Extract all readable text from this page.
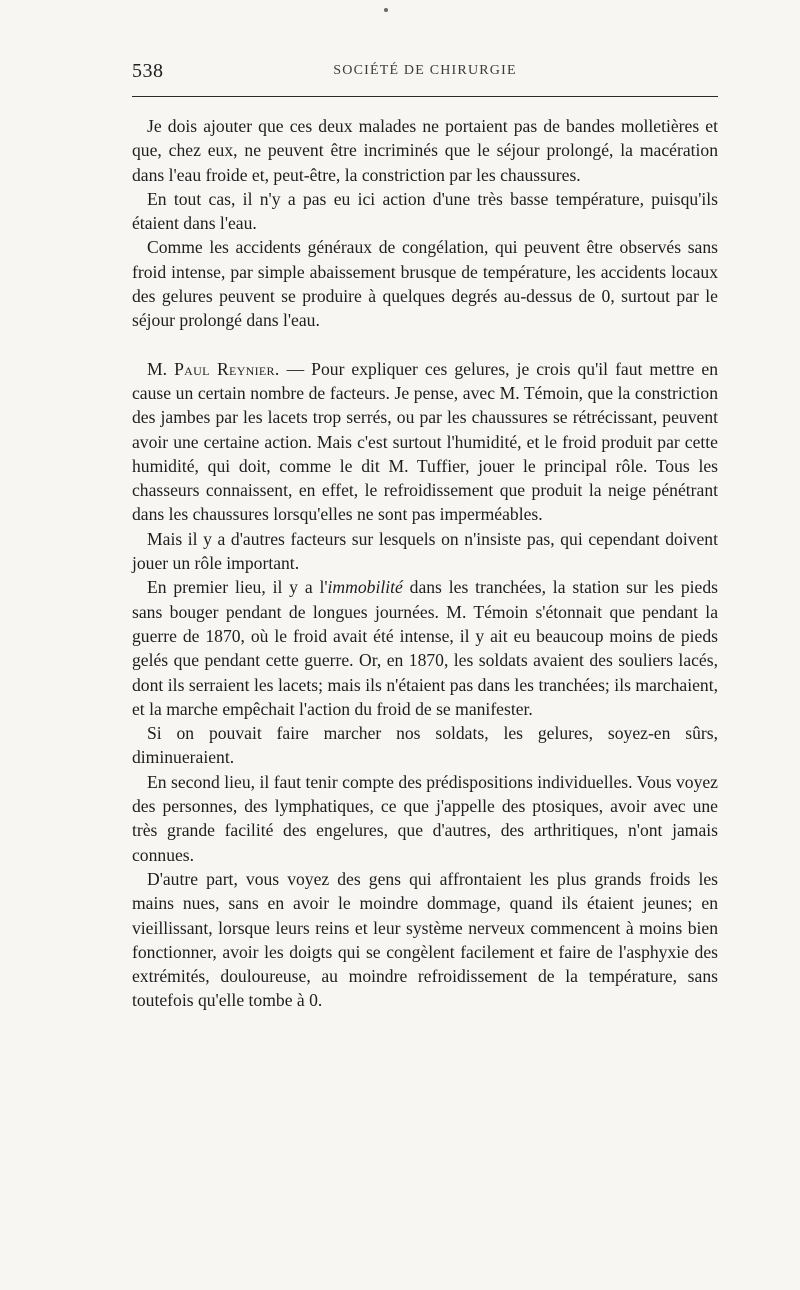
538	SOCIÉTÉ DE CHIRURGIE

Je dois ajouter que ces deux malades ne portaient pas de bandes molletières et que, chez eux, ne peuvent être incriminés que le séjour prolongé, la macération dans l'eau froide et, peut-être, la constriction par les chaussures.

En tout cas, il n'y a pas eu ici action d'une très basse température, puisqu'ils étaient dans l'eau.

Comme les accidents généraux de congélation, qui peuvent être observés sans froid intense, par simple abaissement brusque de température, les accidents locaux des gelures peuvent se produire à quelques degrés au-dessus de 0, surtout par le séjour prolongé dans l'eau.

M. Paul Reynier. — Pour expliquer ces gelures, je crois qu'il faut mettre en cause un certain nombre de facteurs. Je pense, avec M. Témoin, que la constriction des jambes par les lacets trop serrés, ou par les chaussures se rétrécissant, peuvent avoir une certaine action. Mais c'est surtout l'humidité, et le froid produit par cette humidité, qui doit, comme le dit M. Tuffier, jouer le principal rôle. Tous les chasseurs connaissent, en effet, le refroidissement que produit la neige pénétrant dans les chaussures lorsqu'elles ne sont pas imperméables.

Mais il y a d'autres facteurs sur lesquels on n'insiste pas, qui cependant doivent jouer un rôle important.

En premier lieu, il y a l'immobilité dans les tranchées, la station sur les pieds sans bouger pendant de longues journées. M. Témoin s'étonnait que pendant la guerre de 1870, où le froid avait été intense, il y ait eu beaucoup moins de pieds gelés que pendant cette guerre. Or, en 1870, les soldats avaient des souliers lacés, dont ils serraient les lacets; mais ils n'étaient pas dans les tranchées; ils marchaient, et la marche empêchait l'action du froid de se manifester.

Si on pouvait faire marcher nos soldats, les gelures, soyez-en sûrs, diminueraient.

En second lieu, il faut tenir compte des prédispositions individuelles. Vous voyez des personnes, des lymphatiques, ce que j'appelle des ptosiques, avoir avec une très grande facilité des engelures, que d'autres, des arthritiques, n'ont jamais connues.

D'autre part, vous voyez des gens qui affrontaient les plus grands froids les mains nues, sans en avoir le moindre dommage, quand ils étaient jeunes; en vieillissant, lorsque leurs reins et leur système nerveux commencent à moins bien fonctionner, avoir les doigts qui se congèlent facilement et faire de l'asphyxie des extrémités, douloureuse, au moindre refroidissement de la température, sans toutefois qu'elle tombe à 0.
